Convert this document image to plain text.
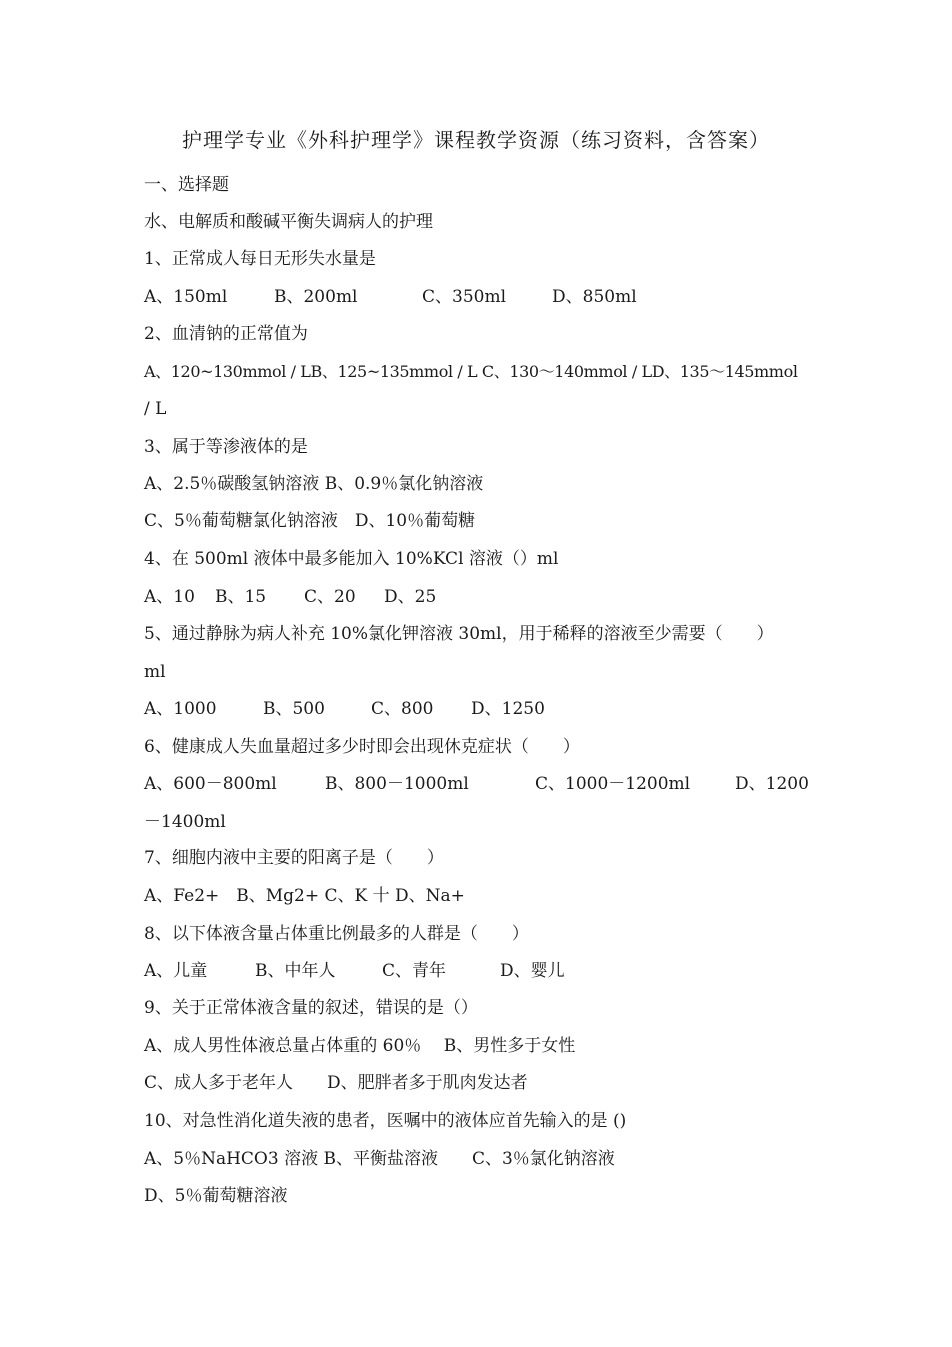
护理学专业《外科护理学》课程教学资源（练习资料，含答案）
一、选择题
水、电解质和酸碱平衡失调病人的护理
1、正常成人每日无形失水量是
A、150ml	B、200ml	C、350ml	D、850ml
2、血清钠的正常值为
A、120~130mmol / LB、125~135mmol / L C、130～140mmol / LD、135～145mmol
/ L
3、属于等渗液体的是
A、2.5％碳酸氢钠溶液 B、0.9％氯化钠溶液
C、5％葡萄糖氯化钠溶液　D、10％葡萄糖
4、在 500ml 液体中最多能加入 10%KCl 溶液（）ml
A、10 B、15 C、20 D、25
5、通过静脉为病人补充 10%氯化钾溶液 30ml，用于稀释的溶液至少需要（　　）
ml
A、1000	B、500	C、800 D、1250
6、健康成人失血量超过多少时即会出现休克症状（　　）
A、600－800ml	B、800－1000ml	C、1000－1200ml	D、1200
－1400ml
7、细胞内液中主要的阳离子是（　　）
A、Fe2+　B、Mg2+ C、K 十 D、Na+
8、以下体液含量占体重比例最多的人群是（　　）
A、儿童	B、中年人	C、青年	D、婴儿
9、关于正常体液含量的叙述，错误的是（）
A、成人男性体液总量占体重的 60％　 B、男性多于女性
C、成人多于老年人　　D、肥胖者多于肌肉发达者
10、对急性消化道失液的患者，医嘱中的液体应首先输入的是 ()
A、5％NaHCO3 溶液 B、平衡盐溶液　　C、3％氯化钠溶液
D、5％葡萄糖溶液
